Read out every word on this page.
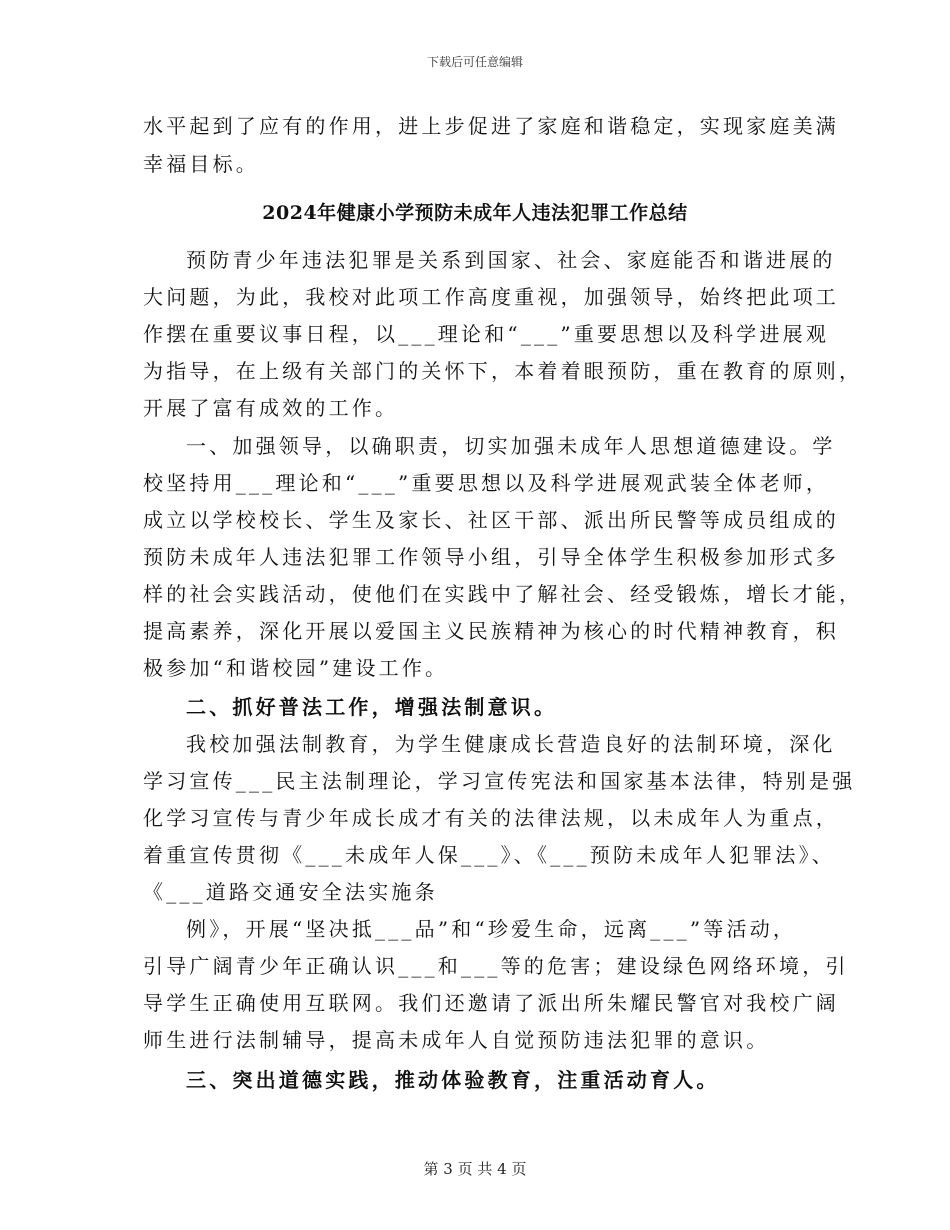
下载后可任意编辑
水平起到了应有的作用，进上步促进了家庭和谐稳定，实现家庭美满
幸福目标。
2024年健康小学预防未成年人违法犯罪工作总结
预防青少年违法犯罪是关系到国家、社会、家庭能否和谐进展的
大问题，为此，我校对此项工作高度重视，加强领导，始终把此项工
作摆在重要议事日程，以___理论和“___”重要思想以及科学进展观
为指导，在上级有关部门的关怀下，本着着眼预防，重在教育的原则，
开展了富有成效的工作。
一、加强领导，以确职责，切实加强未成年人思想道德建设。学
校坚持用___理论和“___”重要思想以及科学进展观武装全体老师，
成立以学校校长、学生及家长、社区干部、派出所民警等成员组成的
预防未成年人违法犯罪工作领导小组，引导全体学生积极参加形式多
样的社会实践活动，使他们在实践中了解社会、经受锻炼，增长才能，
提高素养，深化开展以爱国主义民族精神为核心的时代精神教育，积
极参加“和谐校园”建设工作。
二、抓好普法工作，增强法制意识。
我校加强法制教育，为学生健康成长营造良好的法制环境，深化
学习宣传___民主法制理论，学习宣传宪法和国家基本法律，特别是强
化学习宣传与青少年成长成才有关的法律法规，以未成年人为重点，
着重宣传贯彻《___未成年人保___》、《___预防未成年人犯罪法》、
《___道路交通安全法实施条
例》，开展“坚决抵___品”和“珍爱生命，远离___”等活动，
引导广阔青少年正确认识___和___等的危害；建设绿色网络环境，引
导学生正确使用互联网。我们还邀请了派出所朱耀民警官对我校广阔
师生进行法制辅导，提高未成年人自觉预防违法犯罪的意识。
三、突出道德实践，推动体验教育，注重活动育人。
第 3 页 共 4 页
